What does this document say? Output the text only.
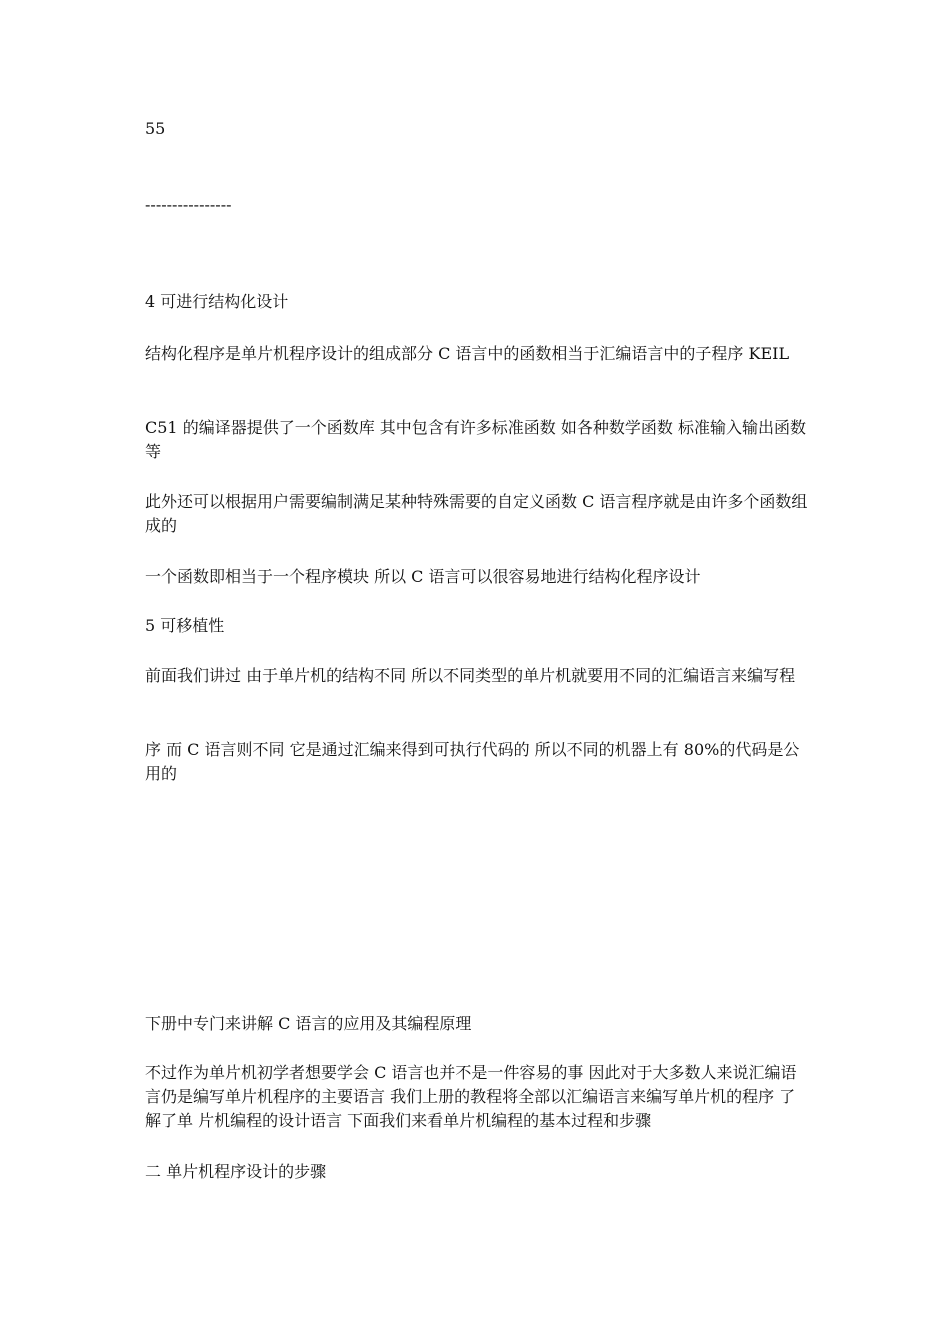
55

----------------

4 可进行结构化设计

结构化程序是单片机程序设计的组成部分 C 语言中的函数相当于汇编语言中的子程序 KEIL

C51 的编译器提供了一个函数库 其中包含有许多标准函数 如各种数学函数 标准输入输出函数等

此外还可以根据用户需要编制满足某种特殊需要的自定义函数 C 语言程序就是由许多个函数组成的

一个函数即相当于一个程序模块 所以 C 语言可以很容易地进行结构化程序设计

5 可移植性

前面我们讲过 由于单片机的结构不同 所以不同类型的单片机就要用不同的汇编语言来编写程

序 而 C 语言则不同 它是通过汇编来得到可执行代码的 所以不同的机器上有 80%的代码是公用的

下册中专门来讲解 C 语言的应用及其编程原理

不过作为单片机初学者想要学会 C 语言也并不是一件容易的事 因此对于大多数人来说汇编语 言仍是编写单片机程序的主要语言 我们上册的教程将全部以汇编语言来编写单片机的程序 了解了单 片机编程的设计语言 下面我们来看单片机编程的基本过程和步骤

二 单片机程序设计的步骤
